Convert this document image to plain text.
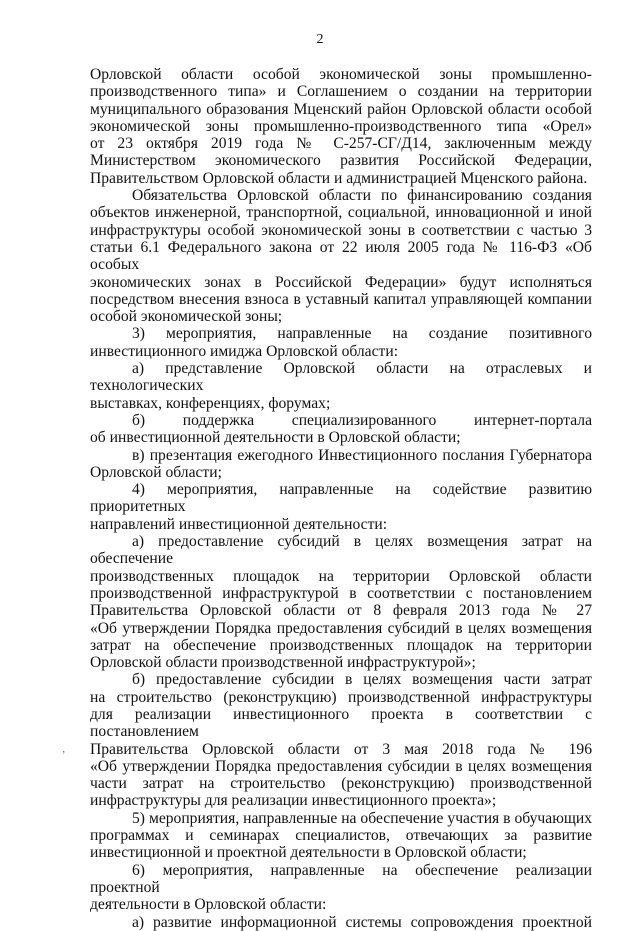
2
‚
Орловской области особой экономической зоны промышленно-
производственного типа» и Соглашением о создании на территории
муниципального образования Мценский район Орловской области особой
экономической зоны промышленно-производственного типа «Орел»
от 23 октября 2019 года № С-257-СГ/Д14, заключенным между
Министерством экономического развития Российской Федерации,
Правительством Орловской области и администрацией Мценского района.
Обязательства Орловской области по финансированию создания
объектов инженерной, транспортной, социальной, инновационной и иной
инфраструктуры особой экономической зоны в соответствии с частью 3
статьи 6.1 Федерального закона от 22 июля 2005 года № 116-ФЗ «Об особых
экономических зонах в Российской Федерации» будут исполняться
посредством внесения взноса в уставный капитал управляющей компании
особой экономической зоны;
3) мероприятия, направленные на создание позитивного
инвестиционного имиджа Орловской области:
а) представление Орловской области на отраслевых и технологических
выставках, конференциях, форумах;
б) поддержка специализированного интернет-портала
об инвестиционной деятельности в Орловской области;
в) презентация ежегодного Инвестиционного послания Губернатора
Орловской области;
4) мероприятия, направленные на содействие развитию приоритетных
направлений инвестиционной деятельности:
а) предоставление субсидий в целях возмещения затрат на обеспечение
производственных площадок на территории Орловской области
производственной инфраструктурой в соответствии с постановлением
Правительства Орловской области от 8 февраля 2013 года № 27
«Об утверждении Порядка предоставления субсидий в целях возмещения
затрат на обеспечение производственных площадок на территории
Орловской области производственной инфраструктурой»;
б) предоставление субсидии в целях возмещения части затрат
на строительство (реконструкцию) производственной инфраструктуры
для реализации инвестиционного проекта в соответствии с постановлением
Правительства Орловской области от 3 мая 2018 года № 196
«Об утверждении Порядка предоставления субсидии в целях возмещения
части затрат на строительство (реконструкцию) производственной
инфраструктуры для реализации инвестиционного проекта»;
5) мероприятия, направленные на обеспечение участия в обучающих
программах и семинарах специалистов, отвечающих за развитие
инвестиционной и проектной деятельности в Орловской области;
6) мероприятия, направленные на обеспечение реализации проектной
деятельности в Орловской области:
а) развитие информационной системы сопровождения проектной
